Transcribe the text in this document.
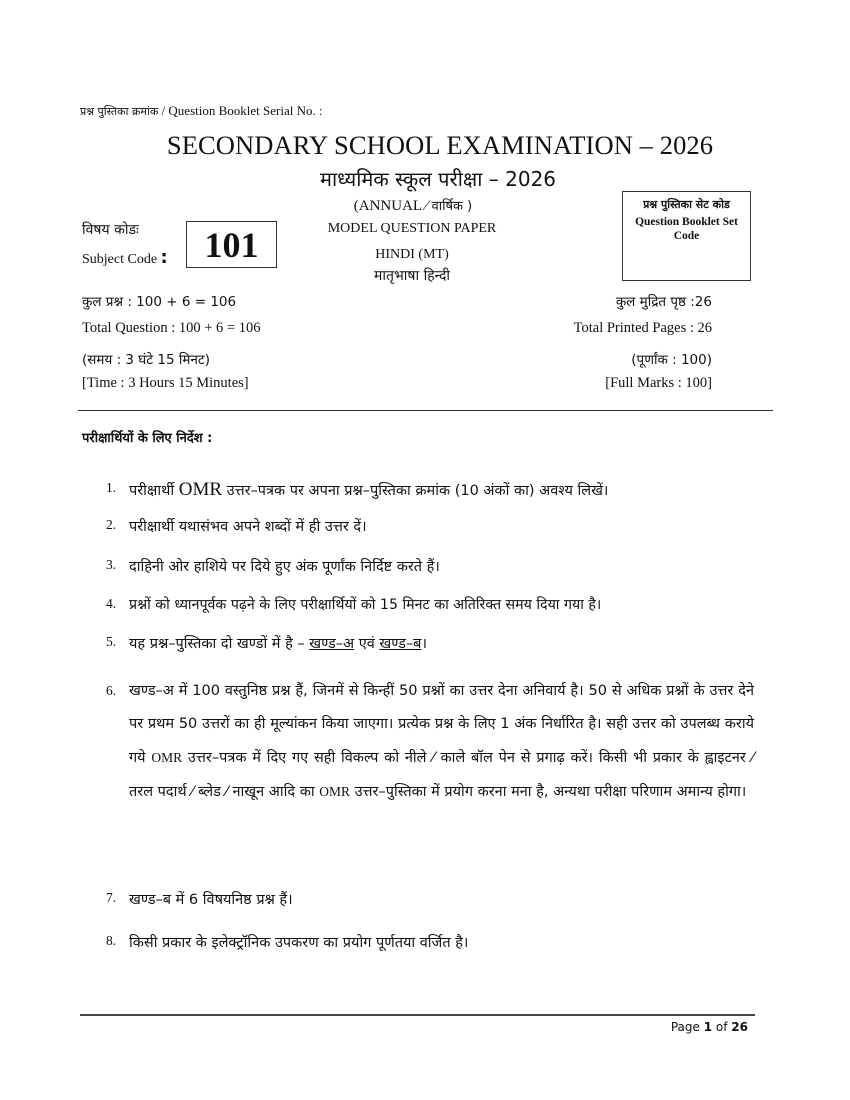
प्रश्न पुस्तिका क्रमांक / Question Booklet Serial No. :
SECONDARY SCHOOL EXAMINATION – 2026
माध्यमिक स्कूल परीक्षा – 2026
(ANNUAL ⁄ वार्षिक )
विषय कोडः
Subject Code : 101	MODEL QUESTION PAPER
HINDI (MT)
मातृभाषा हिन्दी
प्रश्न पुस्तिका सेट कोड
Question Booklet Set Code
कुल प्रश्न : 100 + 6 = 106
Total Question : 100 + 6 = 106
(समय : 3 घंटे 15 मिनट)
[Time : 3 Hours 15 Minutes]
कुल मुद्रित पृष्ठ :26
Total Printed Pages : 26
(पूर्णांक : 100)
[Full Marks : 100]
परीक्षार्थियों के लिए निर्देश :
1. परीक्षार्थी OMR उत्तर–पत्रक पर अपना प्रश्न–पुस्तिका क्रमांक (10 अंकों का) अवश्य लिखें।
2. परीक्षार्थी यथासंभव अपने शब्दों में ही उत्तर दें।
3. दाहिनी ओर हाशिये पर दिये हुए अंक पूर्णांक निर्दिष्ट करते हैं।
4. प्रश्नों को ध्यानपूर्वक पढ़ने के लिए परीक्षार्थियों को 15 मिनट का अतिरिक्त समय दिया गया है।
5. यह प्रश्न–पुस्तिका दो खण्डों में है – खण्ड–अ एवं खण्ड–ब।
6. खण्ड–अ में 100 वस्तुनिष्ठ प्रश्न हैं, जिनमें से किन्हीं 50 प्रश्नों का उत्तर देना अनिवार्य है। 50 से अधिक प्रश्नों के उत्तर देने पर प्रथम 50 उत्तरों का ही मूल्यांकन किया जाएगा। प्रत्येक प्रश्न के लिए 1 अंक निर्धारित है। सही उत्तर को उपलब्ध कराये गये OMR उत्तर–पत्रक में दिए गए सही विकल्प को नीले ⁄ काले बॉल पेन से प्रगाढ़ करें। किसी भी प्रकार के ह्वाइटनर ⁄ तरल पदार्थ ⁄ ब्लेड ⁄ नाखून आदि का OMR उत्तर–पुस्तिका में प्रयोग करना मना है, अन्यथा परीक्षा परिणाम अमान्य होगा।
7. खण्ड–ब में 6 विषयनिष्ठ प्रश्न हैं।
8. किसी प्रकार के इलेक्ट्रॉनिक उपकरण का प्रयोग पूर्णतया वर्जित है।
Page 1 of 26
